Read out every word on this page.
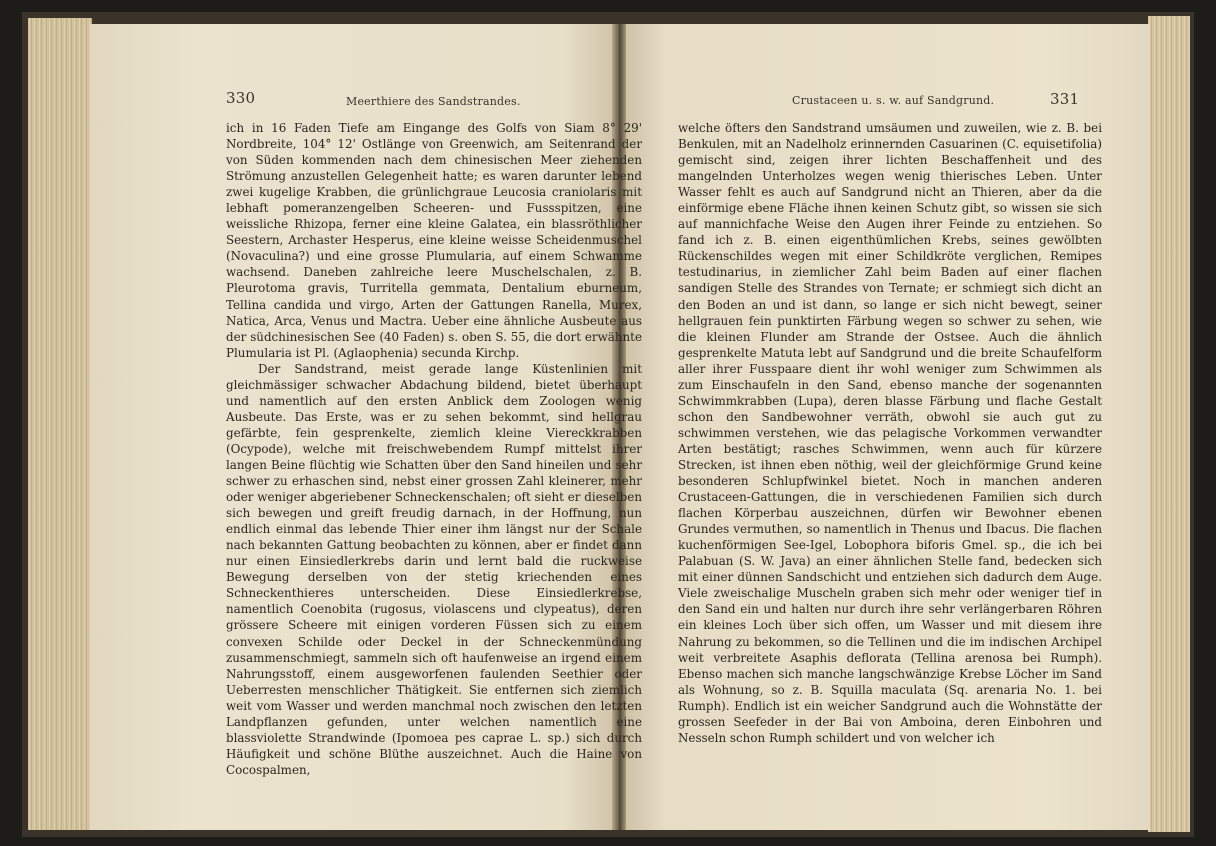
330	Meerthiere des Sandstrandes.	Crustaceen u. s. w. auf Sandgrund.	331

ich in 16 Faden Tiefe am Eingange des Golfs von Siam 8° 29' Nordbreite, 104° 12' Ostlänge von Greenwich, am Seitenrand der von Süden kommenden nach dem chinesischen Meer ziehenden Strömung anzustellen Gelegenheit hatte; es waren darunter lebend zwei kugelige Krabben, die grünlichgraue Leucosia craniolaris mit lebhaft pomeranzengelben Scheeren- und Fussspitzen, eine weissliche Rhizopa, ferner eine kleine Galatea, ein blassröthlicher Seestern, Archaster Hesperus, eine kleine weisse Scheidenmuschel (Novaculina?) und eine grosse Plumularia, auf einem Schwamme wachsend. Daneben zahlreiche leere Muschelschalen, z. B. Pleurotoma gravis, Turritella gemmata, Dentalium eburneum, Tellina candida und virgo, Arten der Gattungen Ranella, Murex, Natica, Arca, Venus und Mactra. Ueber eine ähnliche Ausbeute aus der südchinesischen See (40 Faden) s. oben S. 55, die dort erwähnte Plumularia ist Pl. (Aglaophenia) secunda Kirchp.

Der Sandstrand, meist gerade lange Küstenlinien mit gleichmässiger schwacher Abdachung bildend, bietet überhaupt und namentlich auf den ersten Anblick dem Zoologen wenig Ausbeute. Das Erste, was er zu sehen bekommt, sind hellgrau gefärbte, fein gesprenkelte, ziemlich kleine Viereckkrabben (Ocypode), welche mit freischwebendem Rumpf mittelst ihrer langen Beine flüchtig wie Schatten über den Sand hineilen und sehr schwer zu erhaschen sind, nebst einer grossen Zahl kleinerer, mehr oder weniger abgeriebener Schneckenschalen; oft sieht er dieselben sich bewegen und greift freudig darnach, in der Hoffnung, nun endlich einmal das lebende Thier einer ihm längst nur der Schale nach bekannten Gattung beobachten zu können, aber er findet dann nur einen Einsiedlerkrebs darin und lernt bald die ruckweise Bewegung derselben von der stetig kriechenden eines Schneckenthieres unterscheiden. Diese Einsiedlerkrebse, namentlich Coenobita (rugosus, violascens und clypeatus), deren grössere Scheere mit einigen vorderen Füssen sich zu einem convexen Schilde oder Deckel in der Schneckenmündung zusammenschmiegt, sammeln sich oft haufenweise an irgend einem Nahrungsstoff, einem ausgeworfenen faulenden Seethier oder Ueberresten menschlicher Thätigkeit. Sie entfernen sich ziemlich weit vom Wasser und werden manchmal noch zwischen den letzten Landpflanzen gefunden, unter welchen namentlich eine blassviolette Strandwinde (Ipomoea pes caprae L. sp.) sich durch Häufigkeit und schöne Blüthe auszeichnet. Auch die Haine von Cocospalmen,

welche öfters den Sandstrand umsäumen und zuweilen, wie z. B. bei Benkulen, mit an Nadelholz erinnernden Casuarinen (C. equisetifolia) gemischt sind, zeigen ihrer lichten Beschaffenheit und des mangelnden Unterholzes wegen wenig thierisches Leben. Unter Wasser fehlt es auch auf Sandgrund nicht an Thieren, aber da die einförmige ebene Fläche ihnen keinen Schutz gibt, so wissen sie sich auf mannichfache Weise den Augen ihrer Feinde zu entziehen. So fand ich z. B. einen eigenthümlichen Krebs, seines gewölbten Rückenschildes wegen mit einer Schildkröte verglichen, Remipes testudinarius, in ziemlicher Zahl beim Baden auf einer flachen sandigen Stelle des Strandes von Ternate; er schmiegt sich dicht an den Boden an und ist dann, so lange er sich nicht bewegt, seiner hellgrauen fein punktirten Färbung wegen so schwer zu sehen, wie die kleinen Flunder am Strande der Ostsee. Auch die ähnlich gesprenkelte Matuta lebt auf Sandgrund und die breite Schaufelform aller ihrer Fusspaare dient ihr wohl weniger zum Schwimmen als zum Einschaufeln in den Sand, ebenso manche der sogenannten Schwimmkrabben (Lupa), deren blasse Färbung und flache Gestalt schon den Sandbewohner verräth, obwohl sie auch gut zu schwimmen verstehen, wie das pelagische Vorkommen verwandter Arten bestätigt; rasches Schwimmen, wenn auch für kürzere Strecken, ist ihnen eben nöthig, weil der gleichförmige Grund keine besonderen Schlupfwinkel bietet. Noch in manchen anderen Crustaceen-Gattungen, die in verschiedenen Familien sich durch flachen Körperbau auszeichnen, dürfen wir Bewohner ebenen Grundes vermuthen, so namentlich in Thenus und Ibacus. Die flachen kuchenförmigen See-Igel, Lobophora biforis Gmel. sp., die ich bei Palabuan (S. W. Java) an einer ähnlichen Stelle fand, bedecken sich mit einer dünnen Sandschicht und entziehen sich dadurch dem Auge. Viele zweischalige Muscheln graben sich mehr oder weniger tief in den Sand ein und halten nur durch ihre sehr verlängerbaren Röhren ein kleines Loch über sich offen, um Wasser und mit diesem ihre Nahrung zu bekommen, so die Tellinen und die im indischen Archipel weit verbreitete Asaphis deflorata (Tellina arenosa bei Rumph). Ebenso machen sich manche langschwänzige Krebse Löcher im Sand als Wohnung, so z. B. Squilla maculata (Sq. arenaria No. 1. bei Rumph). Endlich ist ein weicher Sandgrund auch die Wohnstätte der grossen Seefeder in der Bai von Amboina, deren Einbohren und Nesseln schon Rumph schildert und von welcher ich
